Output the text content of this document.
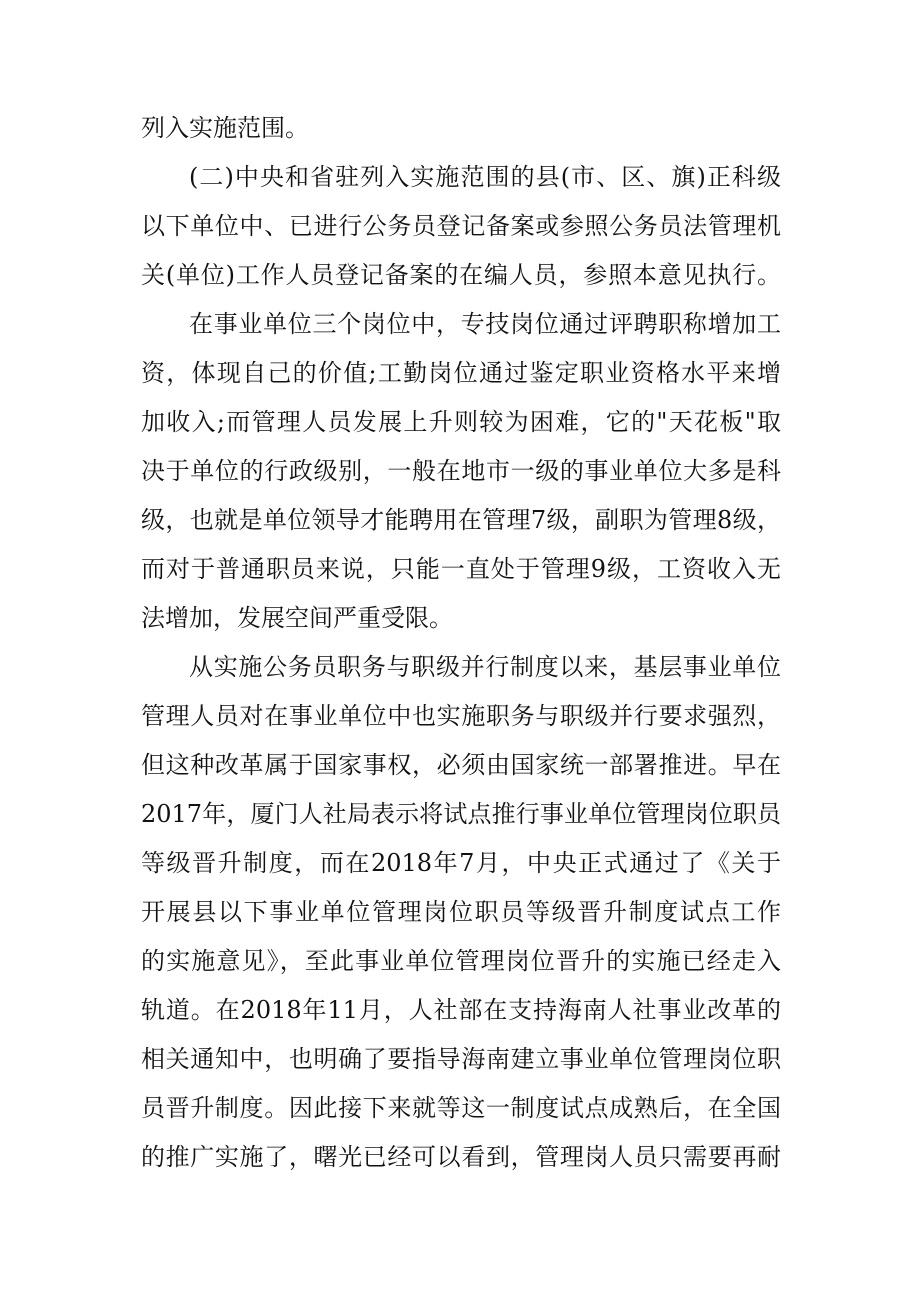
列入实施范围。
(二)中央和省驻列入实施范围的县(市、区、旗)正科级
以下单位中、已进行公务员登记备案或参照公务员法管理机
关(单位)工作人员登记备案的在编人员，参照本意见执行。
在事业单位三个岗位中，专技岗位通过评聘职称增加工
资，体现自己的价值;工勤岗位通过鉴定职业资格水平来增
加收入;而管理人员发展上升则较为困难，它的"天花板"取
决于单位的行政级别，一般在地市一级的事业单位大多是科
级，也就是单位领导才能聘用在管理7级，副职为管理8级，
而对于普通职员来说，只能一直处于管理9级，工资收入无
法增加，发展空间严重受限。
从实施公务员职务与职级并行制度以来，基层事业单位
管理人员对在事业单位中也实施职务与职级并行要求强烈，
但这种改革属于国家事权，必须由国家统一部署推进。早在
2017年，厦门人社局表示将试点推行事业单位管理岗位职员
等级晋升制度，而在2018年7月，中央正式通过了《关于
开展县以下事业单位管理岗位职员等级晋升制度试点工作
的实施意见》，至此事业单位管理岗位晋升的实施已经走入
轨道。在2018年11月，人社部在支持海南人社事业改革的
相关通知中，也明确了要指导海南建立事业单位管理岗位职
员晋升制度。因此接下来就等这一制度试点成熟后，在全国
的推广实施了，曙光已经可以看到，管理岗人员只需要再耐
